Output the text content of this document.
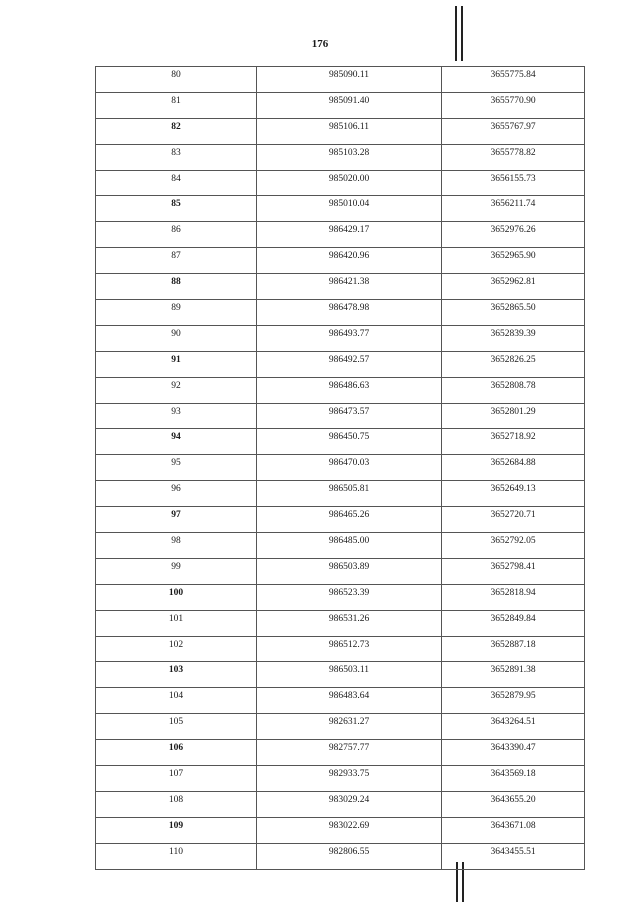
176
80	985090.11	3655775.84
81	985091.40	3655770.90
82	985106.11	3655767.97
83	985103.28	3655778.82
84	985020.00	3656155.73
85	985010.04	3656211.74
86	986429.17	3652976.26
87	986420.96	3652965.90
88	986421.38	3652962.81
89	986478.98	3652865.50
90	986493.77	3652839.39
91	986492.57	3652826.25
92	986486.63	3652808.78
93	986473.57	3652801.29
94	986450.75	3652718.92
95	986470.03	3652684.88
96	986505.81	3652649.13
97	986465.26	3652720.71
98	986485.00	3652792.05
99	986503.89	3652798.41
100	986523.39	3652818.94
101	986531.26	3652849.84
102	986512.73	3652887.18
103	986503.11	3652891.38
104	986483.64	3652879.95
105	982631.27	3643264.51
106	982757.77	3643390.47
107	982933.75	3643569.18
108	983029.24	3643655.20
109	983022.69	3643671.08
110	982806.55	3643455.51
